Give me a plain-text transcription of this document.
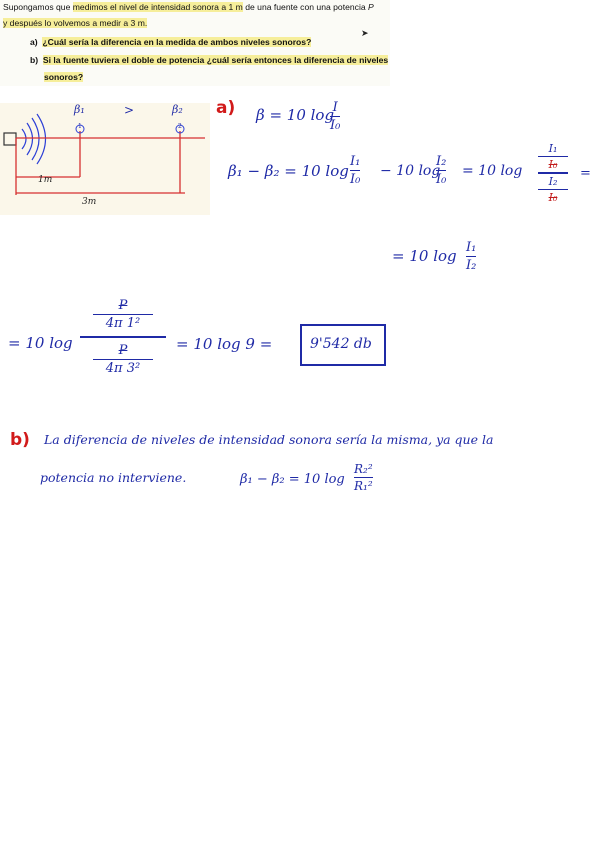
Supongamos que medimos el nivel de intensidad sonora a 1 m de una fuente con una potencia P
y después lo volvemos a medir a 3 m.
a) ¿Cuál sería la diferencia en la medida de ambos niveles sonoros?
b) Si la fuente tuviera el doble de potencia ¿cuál sería entonces la diferencia de niveles
sonoros?
➤
β₁	β₂
1	2
>
1m
3m
a) β = 10 log
I
I₀
β₁ − β₂ = 10 log
I₁
I₀
− 10 log
I₂
I₀
= 10 log
I₁
I₀
I₂
I₀
=
= 10 log I₁
I₂
= 10 log
P
4π 1²
P
4π 3²
= 10 log 9 =	9'542 db
b) La diferencia de niveles de intensidad sonora sería la misma, ya que la
potencia no interviene.	β₁ − β₂ = 10 log
R₂²
R₁²
